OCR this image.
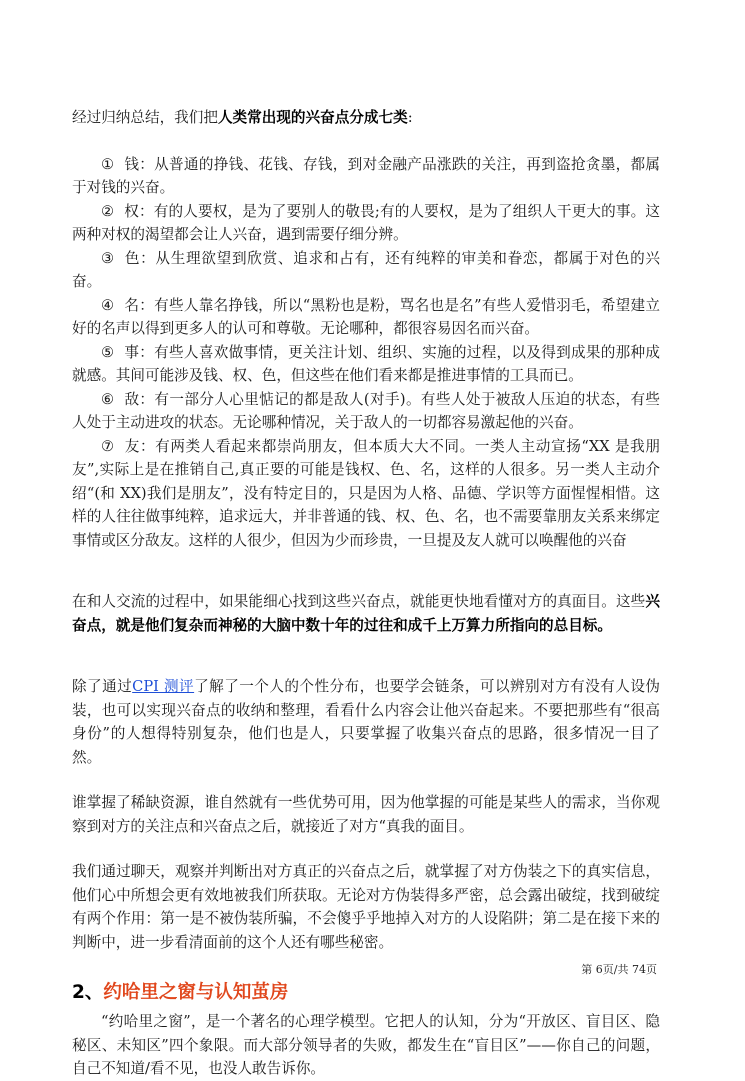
经过归纳总结，我们把人类常出现的兴奋点分成七类:

① 钱：从普通的挣钱、花钱、存钱，到对金融产品涨跌的关注，再到盗抢贪墨，都属于对钱的兴奋。

② 权：有的人要权，是为了要别人的敬畏;有的人要权，是为了组织人干更大的事。这两种对权的渴望都会让人兴奋，遇到需要仔细分辨。

③ 色：从生理欲望到欣赏、追求和占有，还有纯粹的审美和眷恋，都属于对色的兴奋。

④ 名：有些人靠名挣钱，所以“黑粉也是粉，骂名也是名”有些人爱惜羽毛，希望建立好的名声以得到更多人的认可和尊敬。无论哪种，都很容易因名而兴奋。

⑤ 事：有些人喜欢做事情，更关注计划、组织、实施的过程，以及得到成果的那种成就感。其间可能涉及钱、权、色，但这些在他们看来都是推进事情的工具而已。

⑥ 敌：有一部分人心里惦记的都是敌人(对手)。有些人处于被敌人压迫的状态，有些人处于主动进攻的状态。无论哪种情况，关于敌人的一切都容易激起他的兴奋。

⑦ 友：有两类人看起来都崇尚朋友，但本质大大不同。一类人主动宣扬“XX 是我朋友”,实际上是在推销自己,真正要的可能是钱权、色、名，这样的人很多。另一类人主动介绍“(和 XX)我们是朋友”，没有特定目的，只是因为人格、品德、学识等方面惺惺相惜。这样的人往往做事纯粹，追求远大，并非普通的钱、权、色、名，也不需要靠朋友关系来绑定事情或区分敌友。这样的人很少，但因为少而珍贵，一旦提及友人就可以唤醒他的兴奋

在和人交流的过程中，如果能细心找到这些兴奋点，就能更快地看懂对方的真面目。这些兴奋点，就是他们复杂而神秘的大脑中数十年的过往和成千上万算力所指向的总目标。

除了通过CPI 测评了解了一个人的个性分布，也要学会链条，可以辨别对方有没有人设伪装，也可以实现兴奋点的收纳和整理，看看什么内容会让他兴奋起来。不要把那些有“很高身份”的人想得特别复杂，他们也是人，只要掌握了收集兴奋点的思路，很多情况一目了然。

谁掌握了稀缺资源，谁自然就有一些优势可用，因为他掌握的可能是某些人的需求，当你观察到对方的关注点和兴奋点之后，就接近了对方“真我的面目。

我们通过聊天，观察并判断出对方真正的兴奋点之后，就掌握了对方伪装之下的真实信息，他们心中所想会更有效地被我们所获取。无论对方伪装得多严密，总会露出破绽，找到破绽有两个作用：第一是不被伪装所骗，不会傻乎乎地掉入对方的人设陷阱；第二是在接下来的判断中，进一步看清面前的这个人还有哪些秘密。

2、约哈里之窗与认知茧房

“约哈里之窗”，是一个著名的心理学模型。它把人的认知，分为“开放区、盲目区、隐秘区、未知区”四个象限。而大部分领导者的失败，都发生在“盲目区”——你自己的问题，自己不知道/看不见，也没人敢告诉你。

第 6页/共 74页
